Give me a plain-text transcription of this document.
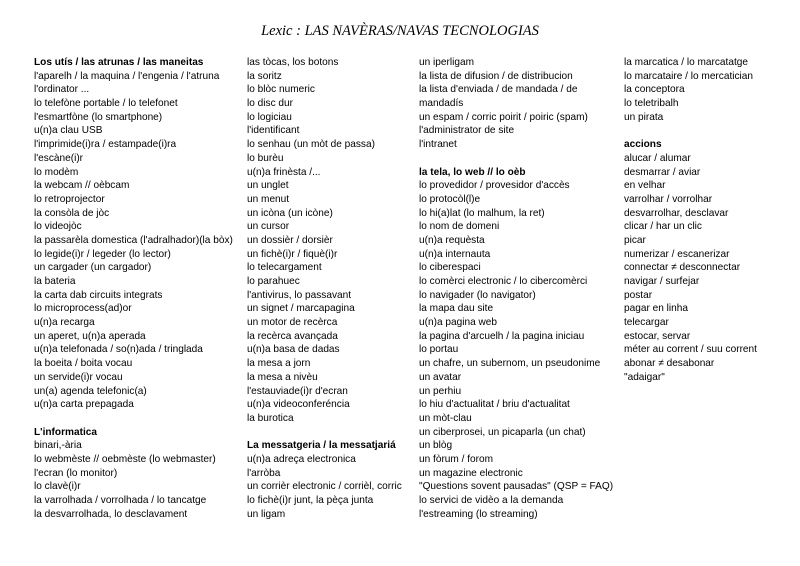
Lexic : LAS NAVÈRAS/NAVAS TECNOLOGIAS
Los utís / las atrunas / las maneitas
l'aparelh / la maquina / l'engenia / l'atruna
l'ordinator ...
lo telefòne portable / lo telefonet
l'esmartfòne (lo smartphone)
u(n)a clau USB
l'imprimide(i)ra / estampade(i)ra
l'escàne(i)r
lo modèm
la webcam // oèbcam
lo retroprojector
la consòla de jòc
lo videojòc
la passarèla domestica (l'adralhador)(la bòx)
lo legide(i)r / legeder (lo lector)
un cargader (un cargador)
la bateria
la carta dab circuits integrats
lo microprocess(ad)or
u(n)a recarga
un aperet, u(n)a aperada
u(n)a telefonada / so(n)ada / tringlada
la boeita / boita vocau
un servide(i)r vocau
un(a) agenda telefonic(a)
u(n)a carta prepagada
L'informatica
binari,-ària
lo webmèste // oebmèste (lo webmaster)
l'ecran (lo monitor)
lo clavè(i)r
la varrolhada / vorrolhada / lo tancatge
la desvarrolhada, lo desclavament
las tòcas, los botons
la soritz
lo blòc numeric
lo disc dur
lo logiciau
l'identificant
lo senhau (un mòt de passa)
lo burèu
u(n)a frinèsta /...
un unglet
un menut
un icòna (un icòne)
un cursor
un dossièr / dorsièr
un fichè(i)r / fiquè(i)r
lo telecargament
lo parahuec
l'antivirus, lo passavant
un signet / marcapagina
un motor de recèrca
la recèrca avançada
u(n)a basa de dadas
la mesa a jorn
la mesa a nivèu
l'estauviade(i)r d'ecran
u(n)a videoconferéncia
la burotica
La messatgeria / la messatjariá
u(n)a adreça electronica
l'arròba
un corrièr electronic / corrièl, corric
lo fichè(i)r junt, la pèça junta
un ligam
un iperligam
la lista de difusion / de distribucion
la lista d'enviada / de mandada / de
mandadís
un espam / corric poirit / poiric (spam)
l'administrator de site
l'intranet
la tela, lo web // lo oèb
lo provedidor / provesidor d'accès
lo protocòl(l)e
lo hi(a)lat (lo malhum, la ret)
lo nom de domeni
u(n)a requèsta
u(n)a internauta
lo ciberespaci
lo comèrci electronic / lo cibercomèrci
lo navigader (lo navigator)
la mapa dau site
u(n)a pagina web
la pagina d'arcuelh / la pagina iniciau
lo portau
un chafre, un subernom, un pseudonime
un avatar
un perhiu
lo hiu d'actualitat / briu d'actualitat
un mòt-clau
un ciberprosei, un picaparla (un chat)
un blòg
un fòrum / forom
un magazine electronic
"Questions sovent pausadas" (QSP = FAQ)
lo servici de vidèo a la demanda
l'estreaming (lo streaming)
la marcatica / lo marcatatge
lo marcataire / lo mercatician
la conceptora
lo teletribalh
un pirata
accions
alucar / alumar
desmarrar / aviar
en velhar
varrolhar / vorrolhar
desvarrolhar, desclavar
clicar / har un clic
picar
numerizar / escanerizar
connectar ≠ desconnectar
navigar / surfejar
postar
pagar en linha
telecargar
estocar, servar
méter au corrent / suu corrent
abonar ≠ desabonar
"adaigar"
